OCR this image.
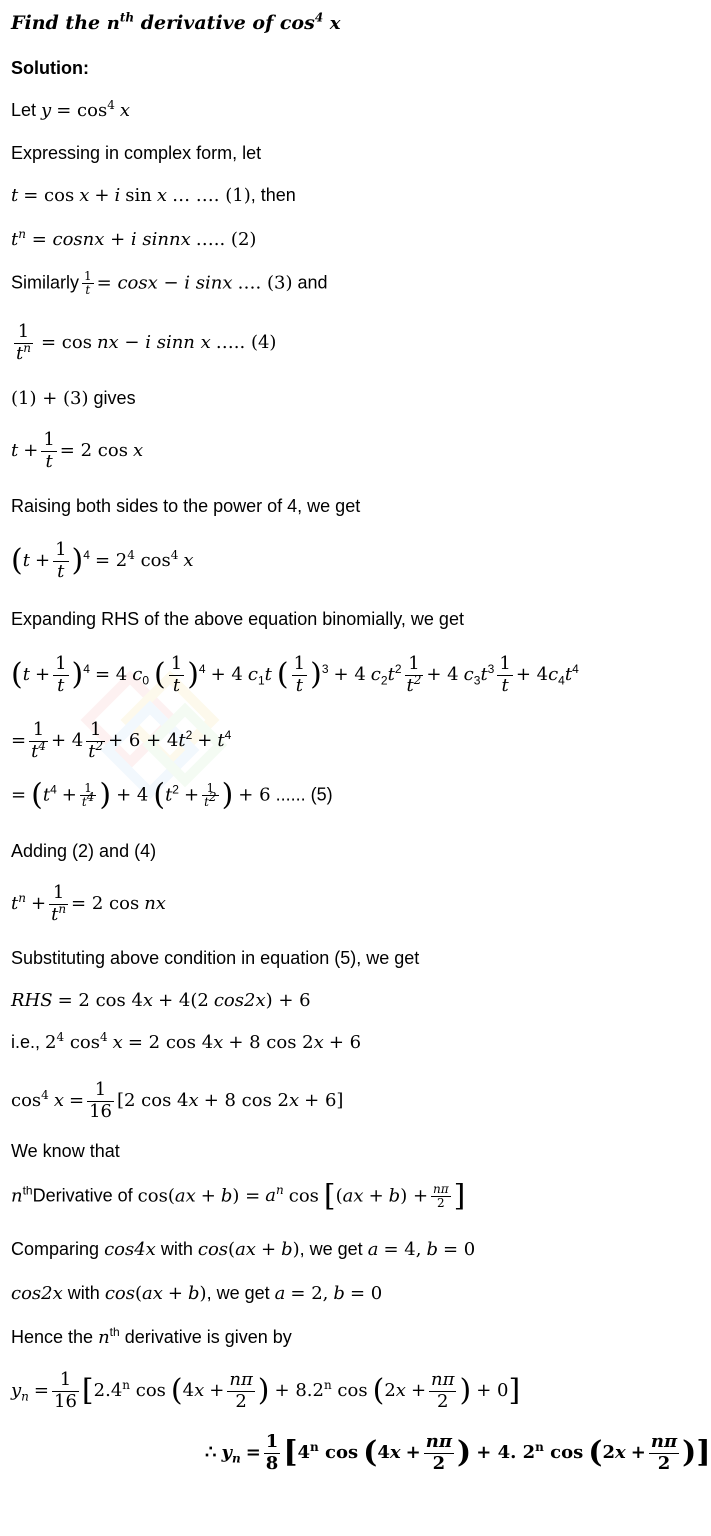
Find the $n^{th}$ derivative of $\cos^4 x$
Solution:
Let $y = \cos^4 x$
Expressing in complex form, let
t = cos x + i sin x … …. (1), then
$t^n$ = cosnx + i sinnx ….. (2)
Similarly $\frac{1}{t} = \cos x - i$ sinx …. (3) and
$\frac{1}{t^n} = \cos$ nx − i sinn x ….. (4)
(1) + (3) gives
$t + \frac{1}{t} = 2$ cos x
Raising both sides to the power of 4, we get
$(t + \frac{1}{t} )^4 = 2^4$ $\cos^4 x$
Expanding RHS of the above equation binomially, we get
$(t + \frac{1}{t} )^4 = 4$ $c_0$ ( $\frac{1}{t} )^4 + 4$ $c_1t$ ( $\frac{1}{t} )^3 + 4$ $c_2t^2 \frac{1}{t^2} + 4$ $c_3t^3 \frac{1}{t} + 4c_4t^4$
= $\frac{1}{t^4} + 4 \frac{1}{t^2} + 6 + 4t^2 + t^4$
= ($t^4 + \frac{1}{t^4}$ ) + 4 ($t^2 + \frac{1}{t^2}$ ) + 6 ...... (5)
Adding (2) and (4)
$t^n + \frac{1}{t^n} = 2$ cos nx
Substituting above condition in equation (5), we get
RHS = 2 cos 4x + 4(2 cos2x) + 6
i.e., $2^4$ $\cos^4 x = 2$ cos 4x + 8 cos 2x + 6
$\cos^4 x = \frac{1}{16} [2$ cos 4x + 8 cos 2x + 6]
We know that
$n^{th}Derivative$ of $\cos(ax + b) = a^n$ $\cos [(ax + b) + \frac{n\pi}{2}$ ]
Comparing cos4x with cos(ax + b), we get a = 4, b = 0
cos2x with cos(ax + b), we get a = 2, b = 0
Hence the $n^{th}$ derivative is given by
$y_n = \frac{1}{16} [2.4^n$ $\cos (4x + \frac{n\pi}{2}$ ) + $8.2^n$ $\cos (2x + \frac{n\pi}{2}$ ) + 0]
∴ $y_n = \frac{1}{8} [4^n$ $\cos (4x + \frac{n\pi}{2}$ ) + 4. 2$^n$ $\cos (2x + \frac{n\pi}{2}$ )]
